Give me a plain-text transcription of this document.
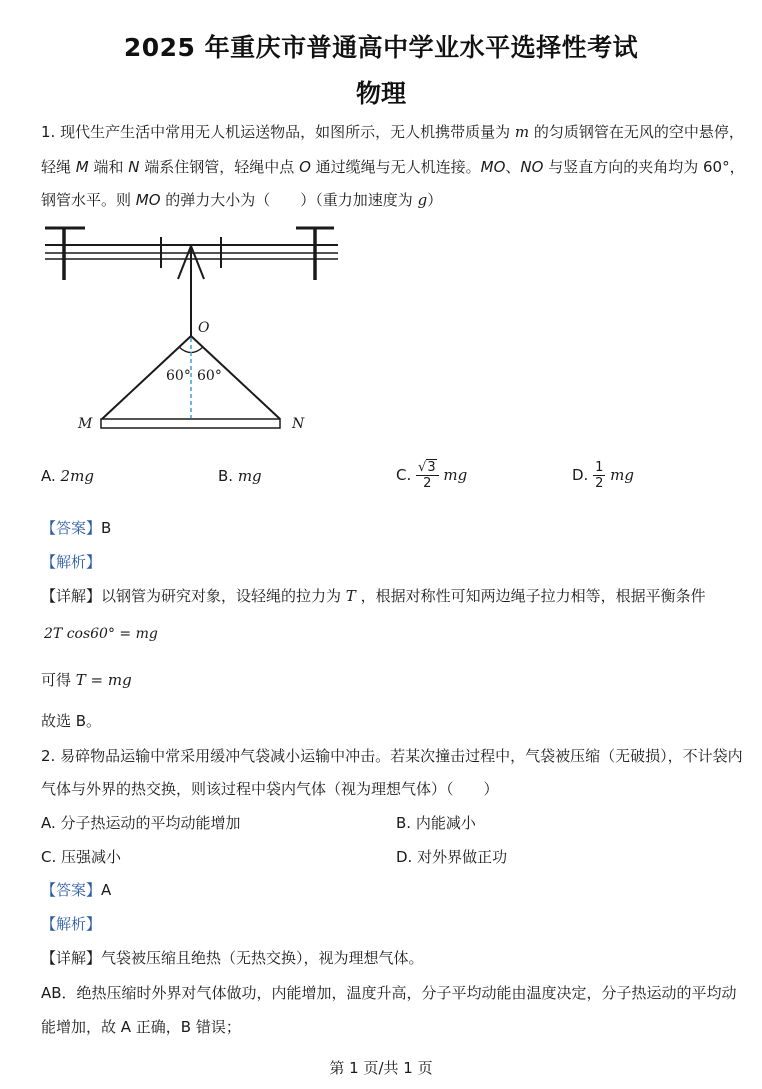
2025 年重庆市普通高中学业水平选择性考试
物理
1. 现代生产生活中常用无人机运送物品，如图所示，无人机携带质量为 m 的匀质钢管在无风的空中悬停，
轻绳 M 端和 N 端系住钢管，轻绳中点 O 通过缆绳与无人机连接。MO、NO 与竖直方向的夹角均为 60°，
钢管水平。则 MO 的弹力大小为（　　）（重力加速度为 g）
O
60° 60°
M	N
A. 2mg	B. mg	C. $\frac{√3}{2}$ mg	D. $\frac{1}{2}$ mg
【答案】B
【解析】
【详解】以钢管为研究对象，设轻绳的拉力为 T ，根据对称性可知两边绳子拉力相等，根据平衡条件
2T cos60° = mg
可得 T = mg
故选 B。
2. 易碎物品运输中常采用缓冲气袋减小运输中冲击。若某次撞击过程中，气袋被压缩（无破损），不计袋内
气体与外界的热交换，则该过程中袋内气体（视为理想气体）（　　）
A. 分子热运动的平均动能增加	B. 内能减小
C. 压强减小	D. 对外界做正功
【答案】A
【解析】
【详解】气袋被压缩且绝热（无热交换），视为理想气体。
AB．绝热压缩时外界对气体做功，内能增加，温度升高，分子平均动能由温度决定，分子热运动的平均动
能增加，故 A 正确，B 错误；
第 1 页/共 1 页
